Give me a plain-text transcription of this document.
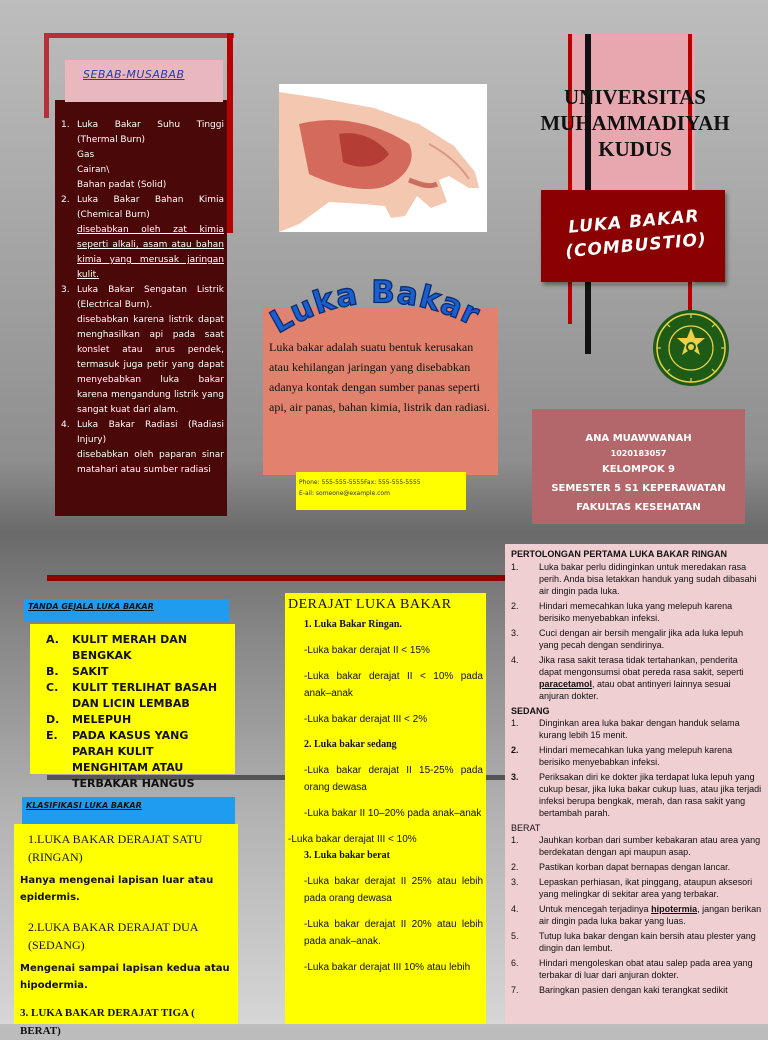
1. Luka Bakar Suhu Tinggi (Thermal Burn)
Gas
Cairan\
Bahan padat (Solid)
2. Luka Bakar Bahan Kimia (Chemical Burn)
disebabkan oleh zat kimia seperti alkali, asam atau bahan kimia yang merusak jaringan kulit.
3. Luka Bakar Sengatan Listrik (Electrical Burn).
disebabkan karena listrik dapat menghasilkan api pada saat konslet atau arus pendek, termasuk juga petir yang dapat menyebabkan luka bakar karena mengandung listrik yang sangat kuat dari alam.
4. Luka Bakar Radiasi (Radiasi Injury)
disebabkan oleh paparan sinar matahari atau sumber radiasi
SEBAB-MUSABAB
Luka bakar adalah suatu bentuk kerusakan atau kehilangan jaringan yang disebabkan adanya kontak dengan sumber panas seperti api, air panas, bahan kimia, listrik dan radiasi.
Luka Bakar
Phone: 555-555-5555Fax: 555-555-5555
E-ail: someone@example.com
UNIVERSITAS
MUHAMMADIYAH
KUDUS
LUKA BAKAR
(COMBUSTIO)
ANA MUAWWANAH
1020183057
KELOMPOK 9
SEMESTER 5 S1 KEPERAWATAN
FAKULTAS KESEHATAN
TANDA GEJALA LUKA BAKAR
A. KULIT MERAH DAN BENGKAK
B. SAKIT
C. KULIT TERLIHAT BASAH DAN LICIN LEMBAB
D. MELEPUH
E. PADA KASUS YANG PARAH KULIT MENGHITAM ATAU TERBAKAR HANGUS
KLASIFIKASI LUKA BAKAR
1.LUKA BAKAR DERAJAT SATU (RINGAN)
Hanya mengenai lapisan luar atau epidermis.
2.LUKA BAKAR DERAJAT DUA (SEDANG)
Mengenai sampai lapisan kedua atau hipodermia.
3. LUKA BAKAR DERAJAT TIGA ( BERAT)
DERAJAT LUKA BAKAR
1. Luka Bakar Ringan.
-Luka bakar derajat II < 15%
-Luka bakar derajat II < 10% pada anak–anak
-Luka bakar derajat III < 2%
2. Luka bakar sedang
-Luka bakar derajat II 15-25% pada orang dewasa
-Luka bakar II 10–20% pada anak–anak
-Luka bakar derajat III < 10%
3. Luka bakar berat
-Luka bakar derajat II 25% atau lebih pada orang dewasa
-Luka bakar derajat II 20% atau lebih pada anak–anak.
-Luka bakar derajat III 10% atau lebih
PERTOLONGAN PERTAMA LUKA BAKAR RINGAN
1. Luka bakar perlu didinginkan untuk meredakan rasa perih. Anda bisa letakkan handuk yang sudah dibasahi air dingin pada luka.
2. Hindari memecahkan luka yang melepuh karena berisiko menyebabkan infeksi.
3. Cuci dengan air bersih mengalir jika ada luka lepuh yang pecah dengan sendirinya.
4. Jika rasa sakit terasa tidak tertahankan, penderita dapat mengonsumsi obat pereda rasa sakit, seperti paracetamol, atau obat antinyeri lainnya sesuai anjuran dokter.
SEDANG
1. Dinginkan area luka bakar dengan handuk selama kurang lebih 15 menit.
2. Hindari memecahkan luka yang melepuh karena berisiko menyebabkan infeksi.
3. Periksakan diri ke dokter jika terdapat luka lepuh yang cukup besar, jika luka bakar cukup luas, atau jika terjadi infeksi berupa bengkak, merah, dan rasa sakit yang bertambah parah.
BERAT
1. Jauhkan korban dari sumber kebakaran atau area yang berdekatan dengan api maupun asap.
2. Pastikan korban dapat bernapas dengan lancar.
3. Lepaskan perhiasan, ikat pinggang, ataupun aksesori yang melingkar di sekitar area yang terbakar.
4. Untuk mencegah terjadinya hipotermia, jangan berikan air dingin pada luka bakar yang luas.
5. Tutup luka bakar dengan kain bersih atau plester yang dingin dan lembut.
6. Hindari mengoleskan obat atau salep pada area yang terbakar di luar dari anjuran dokter.
7. Baringkan pasien dengan kaki terangkat sedikit
